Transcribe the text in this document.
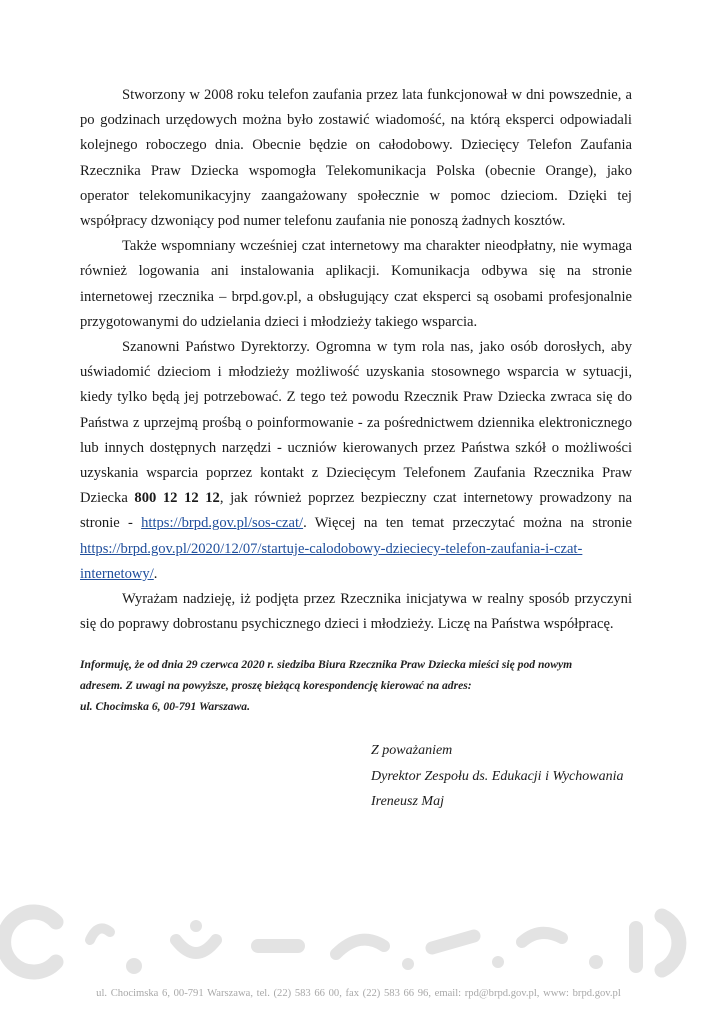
Stworzony w 2008 roku telefon zaufania przez lata funkcjonował w dni powszednie, a po godzinach urzędowych można było zostawić wiadomość, na którą eksperci odpowiadali kolejnego roboczego dnia. Obecnie będzie on całodobowy. Dziecięcy Telefon Zaufania Rzecznika Praw Dziecka wspomogła Telekomunikacja Polska (obecnie Orange), jako operator telekomunikacyjny zaangażowany społecznie w pomoc dzieciom. Dzięki tej współpracy dzwoniący pod numer telefonu zaufania nie ponoszą żadnych kosztów.

Także wspomniany wcześniej czat internetowy ma charakter nieodpłatny, nie wymaga również logowania ani instalowania aplikacji. Komunikacja odbywa się na stronie internetowej rzecznika – brpd.gov.pl, a obsługujący czat eksperci są osobami profesjonalnie przygotowanymi do udzielania dzieci i młodzieży takiego wsparcia.

Szanowni Państwo Dyrektorzy. Ogromna w tym rola nas, jako osób dorosłych, aby uświadomić dzieciom i młodzieży możliwość uzyskania stosownego wsparcia w sytuacji, kiedy tylko będą jej potrzebować. Z tego też powodu Rzecznik Praw Dziecka zwraca się do Państwa z uprzejmą prośbą o poinformowanie - za pośrednictwem dziennika elektronicznego lub innych dostępnych narzędzi - uczniów kierowanych przez Państwa szkół o możliwości uzyskania wsparcia poprzez kontakt z Dziecięcym Telefonem Zaufania Rzecznika Praw Dziecka 800 12 12 12, jak również poprzez bezpieczny czat internetowy prowadzony na stronie - https://brpd.gov.pl/sos-czat/. Więcej na ten temat przeczytać można na stronie https://brpd.gov.pl/2020/12/07/startuje-calodobowy-dzieciecy-telefon-zaufania-i-czat-internetowy/.

Wyrażam nadzieję, iż podjęta przez Rzecznika inicjatywa w realny sposób przyczyni się do poprawy dobrostanu psychicznego dzieci i młodzieży. Liczę na Państwa współpracę.

Informuję, że od dnia 29 czerwca 2020 r. siedziba Biura Rzecznika Praw Dziecka mieści się pod nowym
adresem. Z uwagi na powyższe, proszę bieżącą korespondencję kierować na adres:
ul. Chocimska 6, 00-791 Warszawa.
Z poważaniem
Dyrektor Zespołu ds. Edukacji i Wychowania
Ireneusz Maj
ul. Chocimska 6, 00-791 Warszawa, tel. (22) 583 66 00, fax (22) 583 66 96, email: rpd@brpd.gov.pl, www: brpd.gov.pl
